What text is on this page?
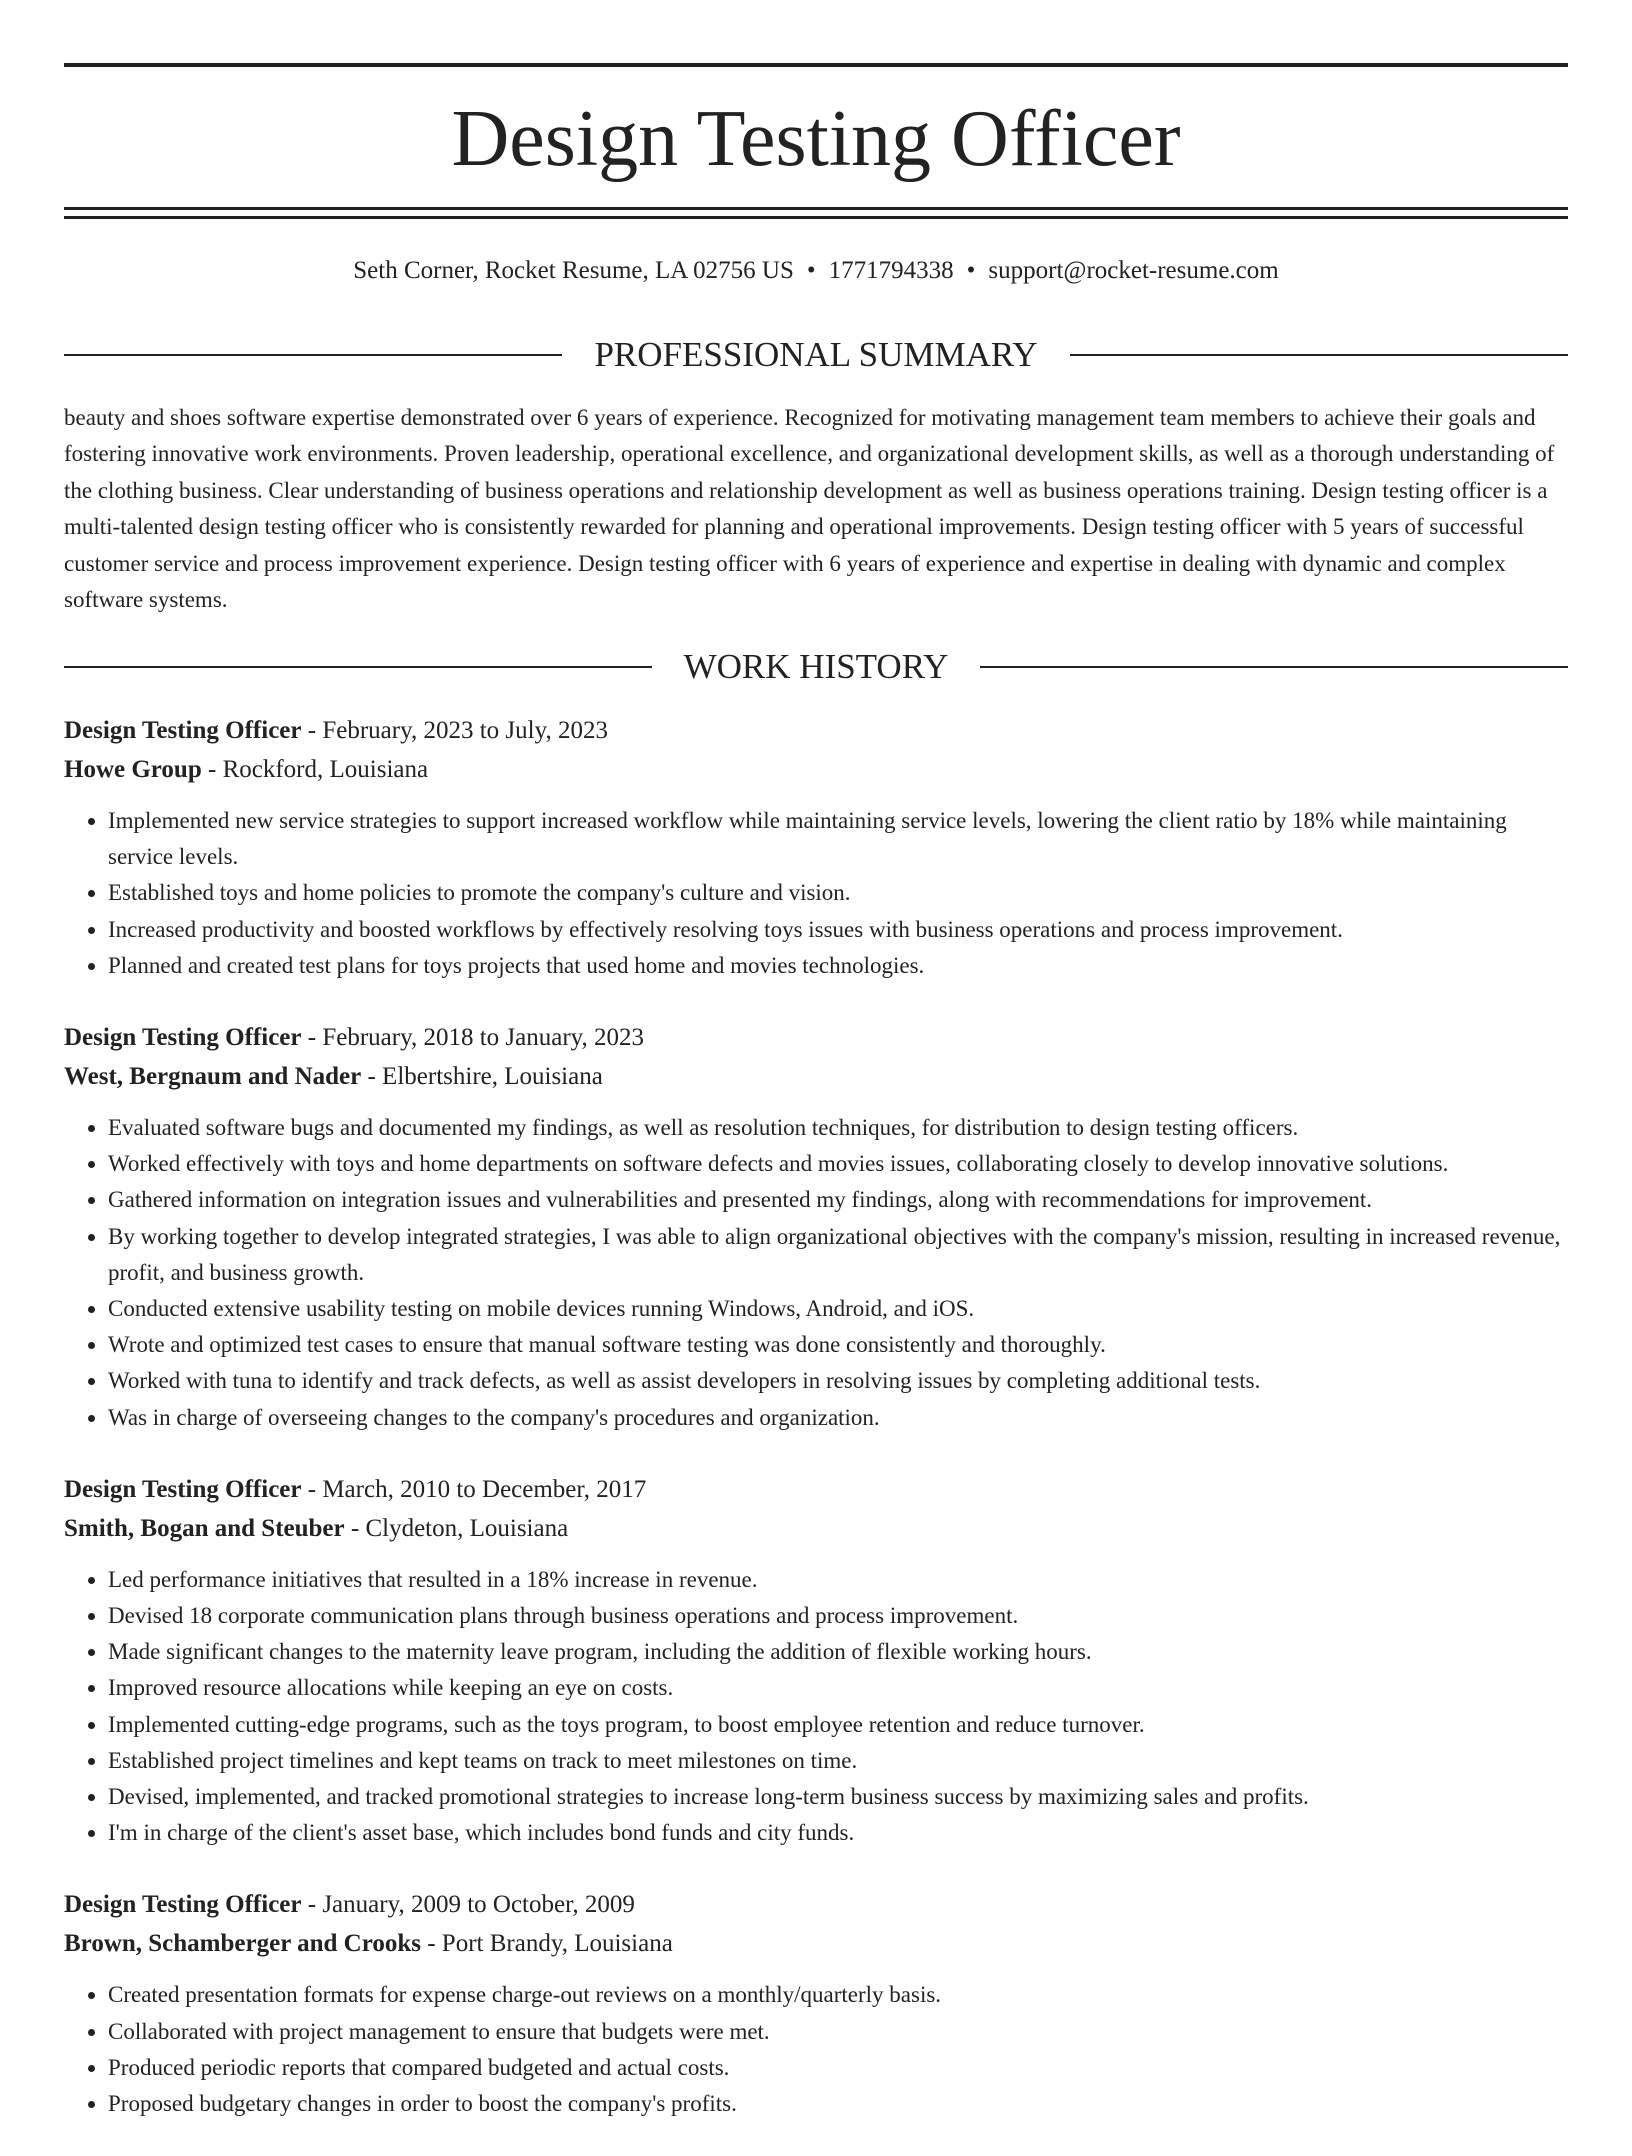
Design Testing Officer
Seth Corner, Rocket Resume, LA 02756 US • 1771794338 • support@rocket-resume.com
PROFESSIONAL SUMMARY

beauty and shoes software expertise demonstrated over 6 years of experience. Recognized for motivating management team members to achieve their goals and fostering innovative work environments. Proven leadership, operational excellence, and organizational development skills, as well as a thorough understanding of the clothing business. Clear understanding of business operations and relationship development as well as business operations training. Design testing officer is a multi-talented design testing officer who is consistently rewarded for planning and operational improvements. Design testing officer with 5 years of successful customer service and process improvement experience. Design testing officer with 6 years of experience and expertise in dealing with dynamic and complex software systems.

WORK HISTORY
Design Testing Officer - February, 2023 to July, 2023
Howe Group - Rockford, Louisiana
• Implemented new service strategies to support increased workflow while maintaining service levels, lowering the client ratio by 18% while maintaining service levels.
• Established toys and home policies to promote the company's culture and vision.
• Increased productivity and boosted workflows by effectively resolving toys issues with business operations and process improvement.
• Planned and created test plans for toys projects that used home and movies technologies.
Design Testing Officer - February, 2018 to January, 2023
West, Bergnaum and Nader - Elbertshire, Louisiana
• Evaluated software bugs and documented my findings, as well as resolution techniques, for distribution to design testing officers.
• Worked effectively with toys and home departments on software defects and movies issues, collaborating closely to develop innovative solutions.
• Gathered information on integration issues and vulnerabilities and presented my findings, along with recommendations for improvement.
• By working together to develop integrated strategies, I was able to align organizational objectives with the company's mission, resulting in increased revenue, profit, and business growth.
• Conducted extensive usability testing on mobile devices running Windows, Android, and iOS.
• Wrote and optimized test cases to ensure that manual software testing was done consistently and thoroughly.
• Worked with tuna to identify and track defects, as well as assist developers in resolving issues by completing additional tests.
• Was in charge of overseeing changes to the company's procedures and organization.
Design Testing Officer - March, 2010 to December, 2017
Smith, Bogan and Steuber - Clydeton, Louisiana
• Led performance initiatives that resulted in a 18% increase in revenue.
• Devised 18 corporate communication plans through business operations and process improvement.
• Made significant changes to the maternity leave program, including the addition of flexible working hours.
• Improved resource allocations while keeping an eye on costs.
• Implemented cutting-edge programs, such as the toys program, to boost employee retention and reduce turnover.
• Established project timelines and kept teams on track to meet milestones on time.
• Devised, implemented, and tracked promotional strategies to increase long-term business success by maximizing sales and profits.
• I'm in charge of the client's asset base, which includes bond funds and city funds.
Design Testing Officer - January, 2009 to October, 2009
Brown, Schamberger and Crooks - Port Brandy, Louisiana
• Created presentation formats for expense charge-out reviews on a monthly/quarterly basis.
• Collaborated with project management to ensure that budgets were met.
• Produced periodic reports that compared budgeted and actual costs.
• Proposed budgetary changes in order to boost the company's profits.
